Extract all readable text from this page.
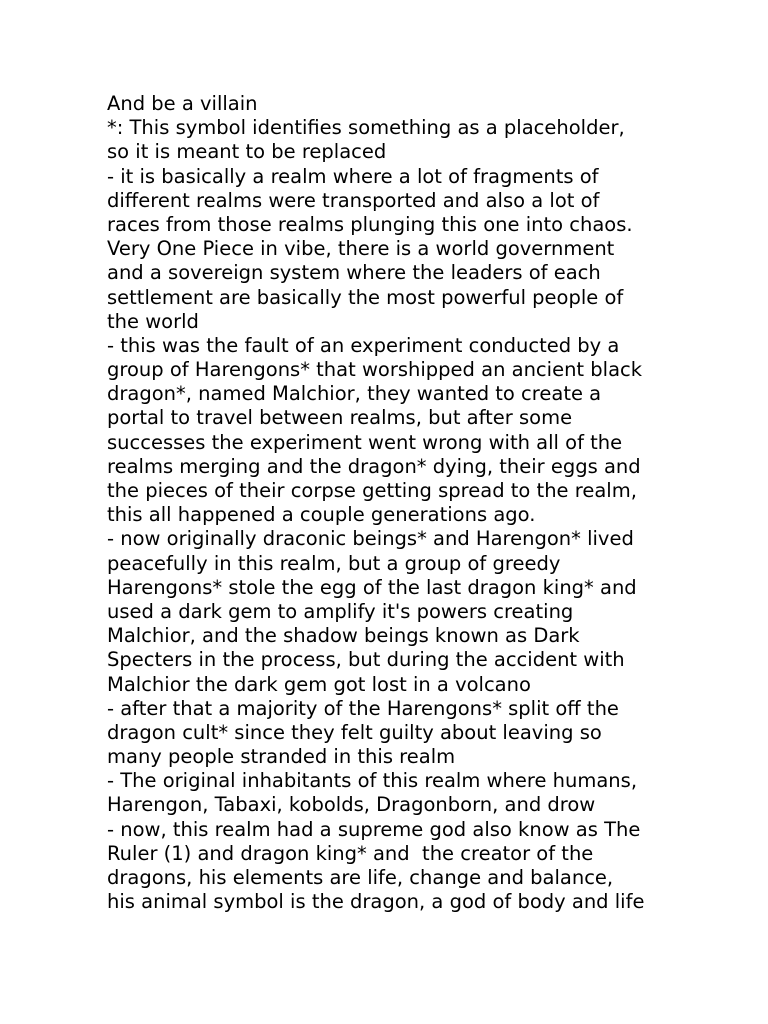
And be a villain
*: This symbol identifies something as a placeholder,
so it is meant to be replaced
- it is basically a realm where a lot of fragments of
different realms were transported and also a lot of
races from those realms plunging this one into chaos.
Very One Piece in vibe, there is a world government
and a sovereign system where the leaders of each
settlement are basically the most powerful people of
the world
- this was the fault of an experiment conducted by a
group of Harengons* that worshipped an ancient black
dragon*, named Malchior, they wanted to create a
portal to travel between realms, but after some
successes the experiment went wrong with all of the
realms merging and the dragon* dying, their eggs and
the pieces of their corpse getting spread to the realm,
this all happened a couple generations ago.
- now originally draconic beings* and Harengon* lived
peacefully in this realm, but a group of greedy
Harengons* stole the egg of the last dragon king* and
used a dark gem to amplify it's powers creating
Malchior, and the shadow beings known as Dark
Specters in the process, but during the accident with
Malchior the dark gem got lost in a volcano
- after that a majority of the Harengons* split off the
dragon cult* since they felt guilty about leaving so
many people stranded in this realm
- The original inhabitants of this realm where humans,
Harengon, Tabaxi, kobolds, Dragonborn, and drow
- now, this realm had a supreme god also know as The
Ruler (1) and dragon king* and  the creator of the
dragons, his elements are life, change and balance,
his animal symbol is the dragon, a god of body and life
